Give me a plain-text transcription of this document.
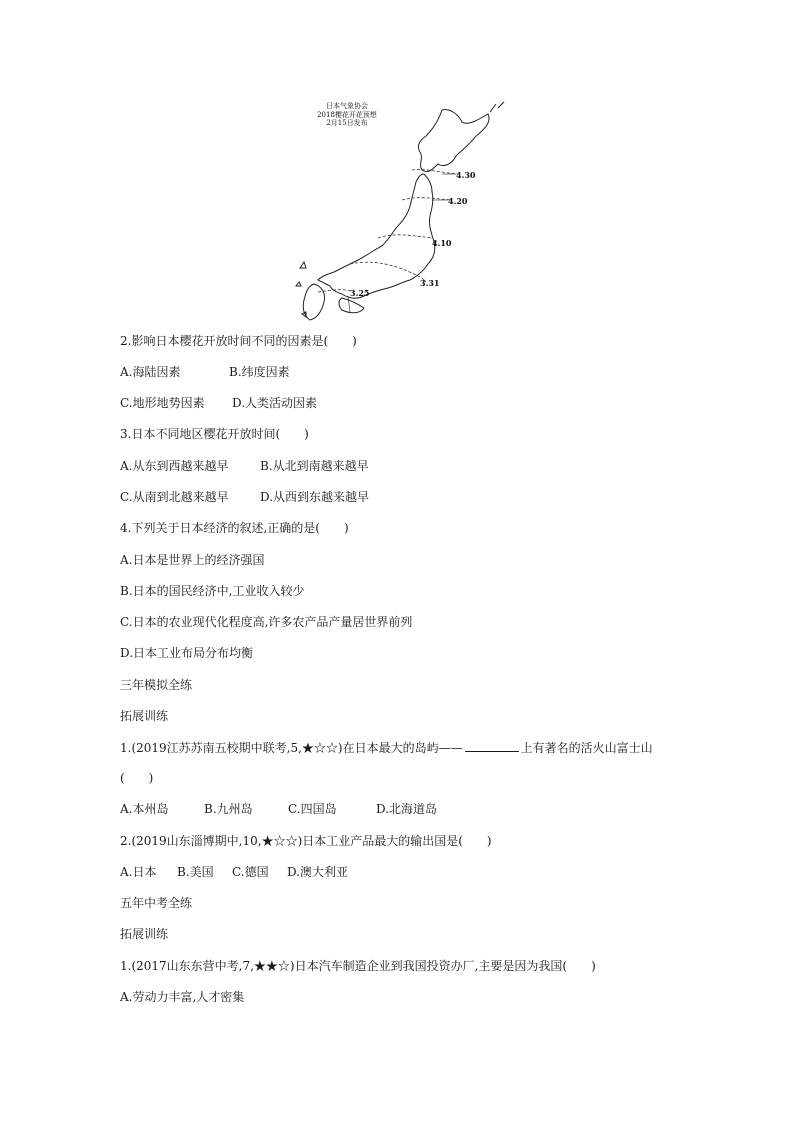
日本气象协会
2018樱花开花预想
2月15日发布
4.30
4.20
4.10
3.31
3.25
2.影响日本樱花开放时间不同的因素是(　　)
A.海陆因素	B.纬度因素
C.地形地势因素 D.人类活动因素
3.日本不同地区樱花开放时间(　　)
A.从东到西越来越早	B.从北到南越来越早
C.从南到北越来越早	D.从西到东越来越早
4.下列关于日本经济的叙述,正确的是(　　)
A.日本是世界上的经济强国
B.日本的国民经济中,工业收入较少
C.日本的农业现代化程度高,许多农产品产量居世界前列
D.日本工业布局分布均衡
三年模拟全练
拓展训练
1.(2019江苏苏南五校期中联考,5,★☆☆)在日本最大的岛屿——	上有著名的活火山富士山
(　　)
A.本州岛	B.九州岛	C.四国岛	D.北海道岛
2.(2019山东淄博期中,10,★☆☆)日本工业产品最大的输出国是(　　)
A.日本 B.美国 C.德国 D.澳大利亚
五年中考全练
拓展训练
1.(2017山东东营中考,7,★★☆)日本汽车制造企业到我国投资办厂,主要是因为我国(　　)
A.劳动力丰富,人才密集
